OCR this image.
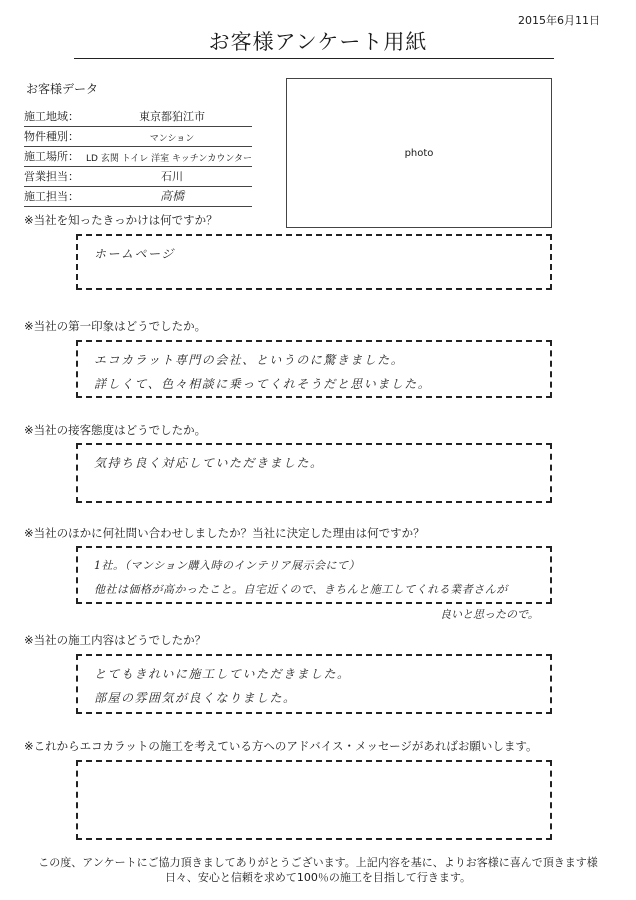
2015年6月11日
お客様アンケート用紙
お客様データ
施工地域：	東京都狛江市
物件種別：	マンション
施工場所： LD 玄関 トイレ 洋室 キッチンカウンター
営業担当：	石川
施工担当：	高橋
photo
※当社を知ったきっかけは何ですか？
ホームページ
※当社の第一印象はどうでしたか。
エコカラット専門の会社、というのに驚きました。
詳しくて、色々相談に乗ってくれそうだと思いました。
※当社の接客態度はどうでしたか。
気持ち良く対応していただきました。
※当社のほかに何社問い合わせしましたか？当社に決定した理由は何ですか？
1社。（マンション購入時のインテリア展示会にて）
他社は価格が高かったこと。自宅近くので、きちんと施工してくれる業者さんが
良いと思ったので。
※当社の施工内容はどうでしたか？
とてもきれいに施工していただきました。
部屋の雰囲気が良くなりました。
※これからエコカラットの施工を考えている方へのアドバイス・メッセージがあればお願いします。
この度、アンケートにご協力頂きましてありがとうございます。上記内容を基に、よりお客様に喜んで頂きます様
日々、安心と信頼を求めて100％の施工を目指して行きます。
